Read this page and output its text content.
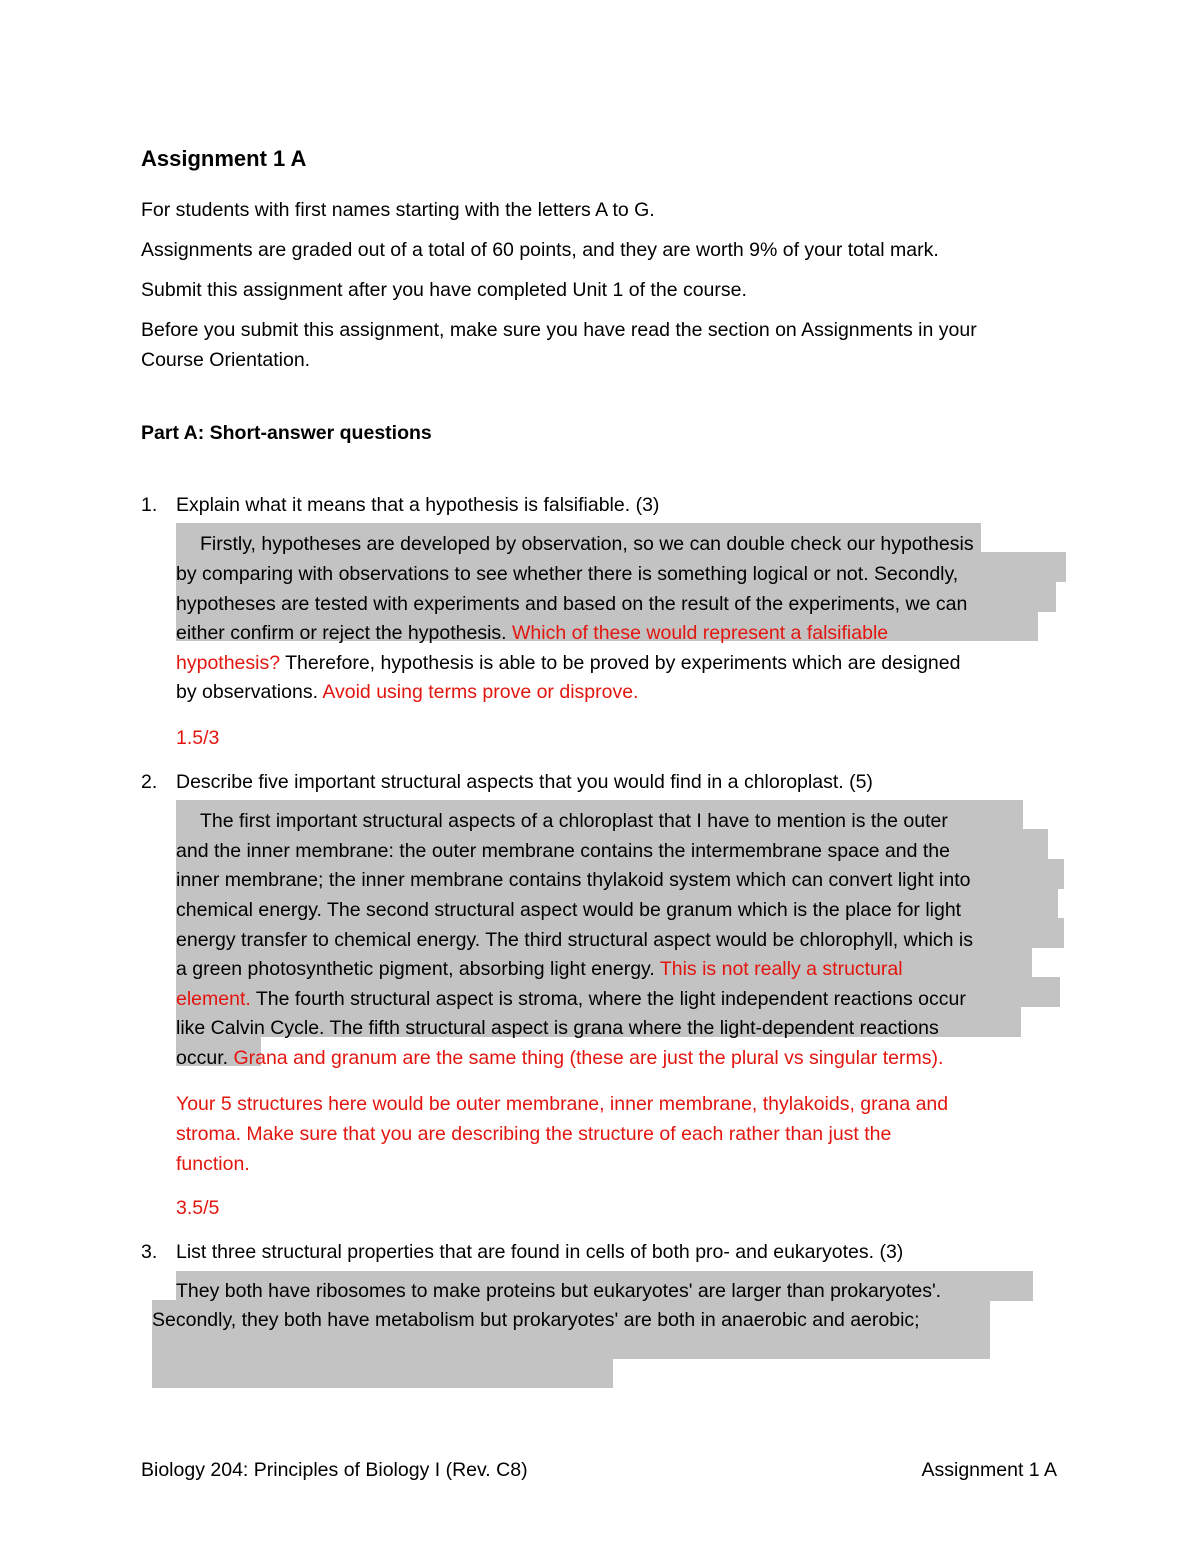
Assignment 1 A
For students with first names starting with the letters A to G.
Assignments are graded out of a total of 60 points, and they are worth 9% of your total mark.
Submit this assignment after you have completed Unit 1 of the course.
Before you submit this assignment, make sure you have read the section on Assignments in your
Course Orientation.
Part A: Short-answer questions
1. Explain what it means that a hypothesis is falsifiable. (3)
Firstly, hypotheses are developed by observation, so we can double check our hypothesis
by comparing with observations to see whether there is something logical or not. Secondly,
hypotheses are tested with experiments and based on the result of the experiments, we can
either confirm or reject the hypothesis. Which of these would represent a falsifiable
hypothesis? Therefore, hypothesis is able to be proved by experiments which are designed
by observations. Avoid using terms prove or disprove.
1.5/3
2. Describe five important structural aspects that you would find in a chloroplast. (5)
The first important structural aspects of a chloroplast that I have to mention is the outer
and the inner membrane: the outer membrane contains the intermembrane space and the
inner membrane; the inner membrane contains thylakoid system which can convert light into
chemical energy. The second structural aspect would be granum which is the place for light
energy transfer to chemical energy. The third structural aspect would be chlorophyll, which is
a green photosynthetic pigment, absorbing light energy. This is not really a structural
element. The fourth structural aspect is stroma, where the light independent reactions occur
like Calvin Cycle. The fifth structural aspect is grana where the light-dependent reactions
occur. Grana and granum are the same thing (these are just the plural vs singular terms).
Your 5 structures here would be outer membrane, inner membrane, thylakoids, grana and
stroma. Make sure that you are describing the structure of each rather than just the
function.
3.5/5
3. List three structural properties that are found in cells of both pro- and eukaryotes. (3)
They both have ribosomes to make proteins but eukaryotes' are larger than prokaryotes'.
Secondly, they both have metabolism but prokaryotes' are both in anaerobic and aerobic;
Biology 204: Principles of Biology I (Rev. C8)	Assignment 1 A
